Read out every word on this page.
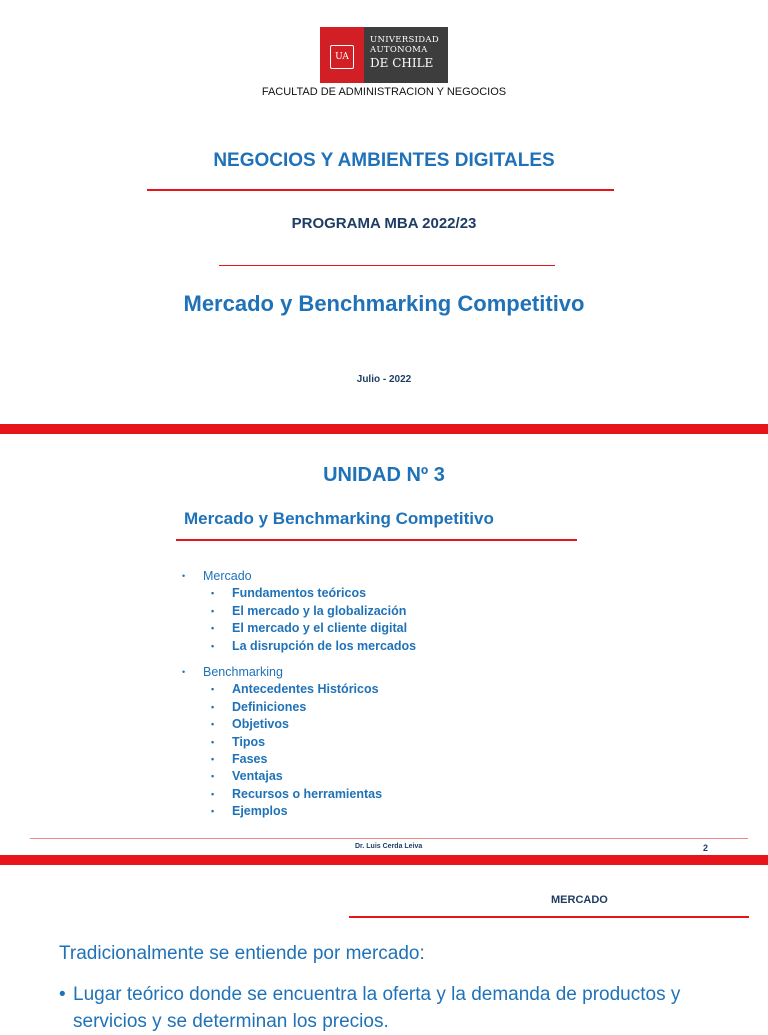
UA
UNIVERSIDAD
AUTONOMA
DE CHILE
FACULTAD DE ADMINISTRACION Y NEGOCIOS
NEGOCIOS Y AMBIENTES DIGITALES
PROGRAMA MBA 2022/23
Mercado y Benchmarking Competitivo
Julio - 2022
UNIDAD Nº 3
Mercado y Benchmarking Competitivo
• Mercado
• Fundamentos teóricos
• El mercado y la globalización
• El mercado y el cliente digital
• La disrupción de los mercados
• Benchmarking
• Antecedentes Históricos
• Definiciones
• Objetivos
• Tipos
• Fases
• Ventajas
• Recursos o herramientas
• Ejemplos
Dr. Luis Cerda Leiva	2
MERCADO
Tradicionalmente se entiende por mercado:
• Lugar teórico donde se encuentra la oferta y la demanda de productos y servicios y se determinan los precios.
